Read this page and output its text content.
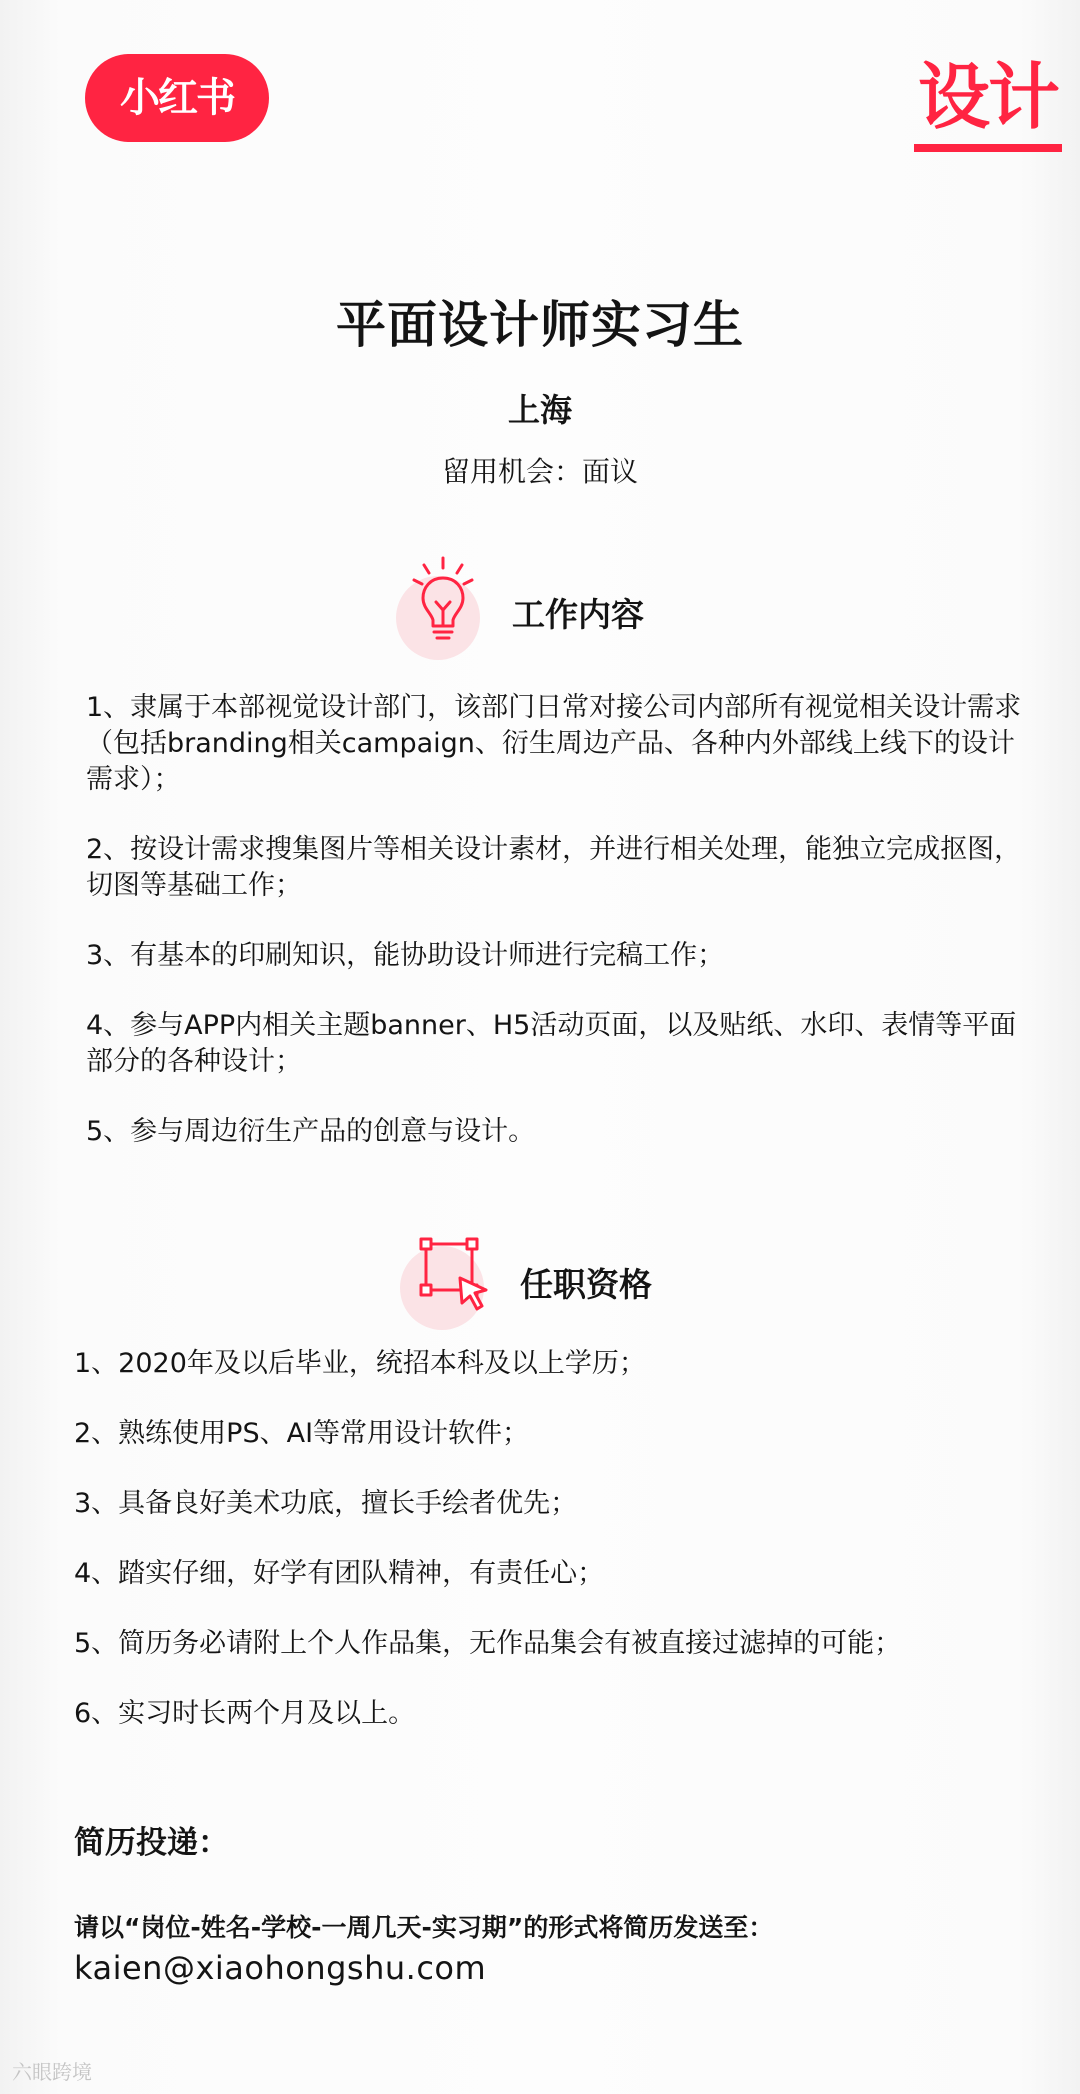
小红书	设计
平面设计师实习生
上海
留用机会：面议
工作内容
1、隶属于本部视觉设计部门，该部门日常对接公司内部所有视觉相关设计需求（包括branding相关campaign、衍生周边产品、各种内外部线上线下的设计需求）；
2、按设计需求搜集图片等相关设计素材，并进行相关处理，能独立完成抠图，切图等基础工作；
3、有基本的印刷知识，能协助设计师进行完稿工作；
4、参与APP内相关主题banner、H5活动页面，以及贴纸、水印、表情等平面部分的各种设计；
5、参与周边衍生产品的创意与设计。
任职资格
1、2020年及以后毕业，统招本科及以上学历；
2、熟练使用PS、AI等常用设计软件；
3、具备良好美术功底，擅长手绘者优先；
4、踏实仔细，好学有团队精神，有责任心；
5、简历务必请附上个人作品集，无作品集会有被直接过滤掉的可能；
6、实习时长两个月及以上。
简历投递：
请以“岗位-姓名-学校-一周几天-实习期”的形式将简历发送至：
kaien@xiaohongshu.com
六眼跨境
